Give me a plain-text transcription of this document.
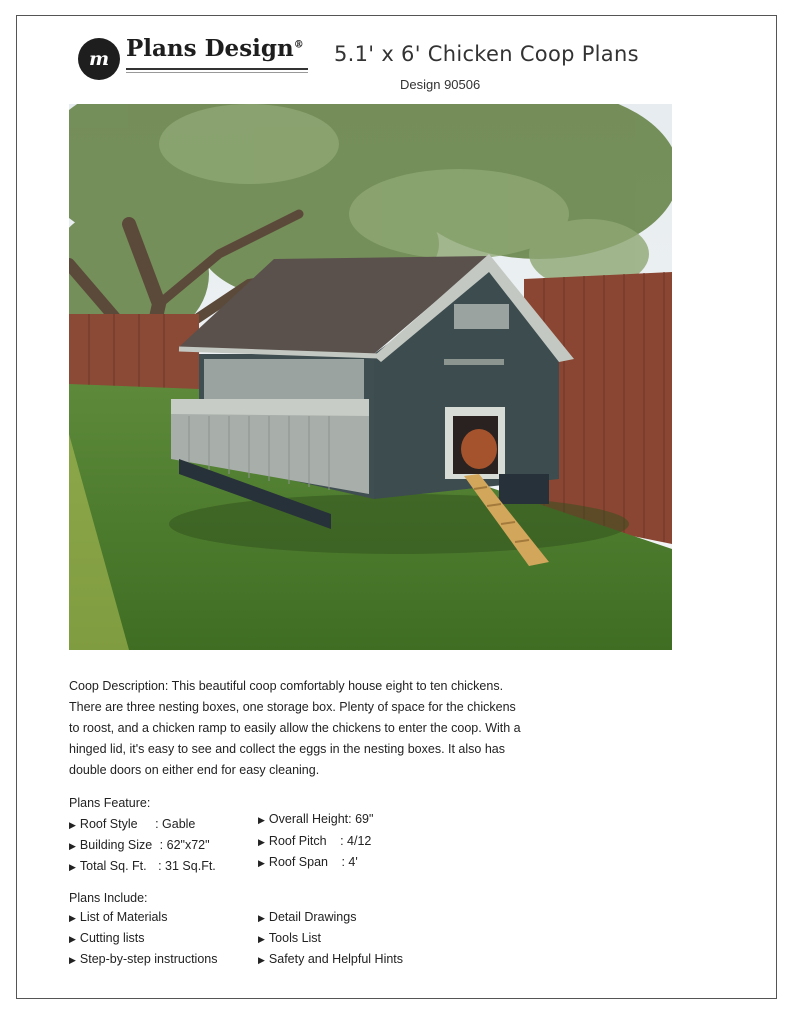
m Plans Design® 5.1' x 6' Chicken Coop Plans
Design 90506

Coop Description: This beautiful coop comfortably house eight to ten chickens. There are three nesting boxes, one storage box. Plenty of space for the chickens to roost, and a chicken ramp to easily allow the chickens to enter the coop. With a hinged lid, it's easy to see and collect the eggs in the nesting boxes. It also has double doors on either end for easy cleaning.

Plans Feature:
▶ Roof Style : Gable
▶ Building Size : 62"x72"
▶ Total Sq. Ft. : 31 Sq.Ft.
▶ Overall Height: 69"
▶ Roof Pitch : 4/12
▶ Roof Span : 4'
Plans Include:
▶ List of Materials
▶ Cutting lists
▶ Step-by-step instructions
▶ Detail Drawings
▶ Tools List
▶ Safety and Helpful Hints
